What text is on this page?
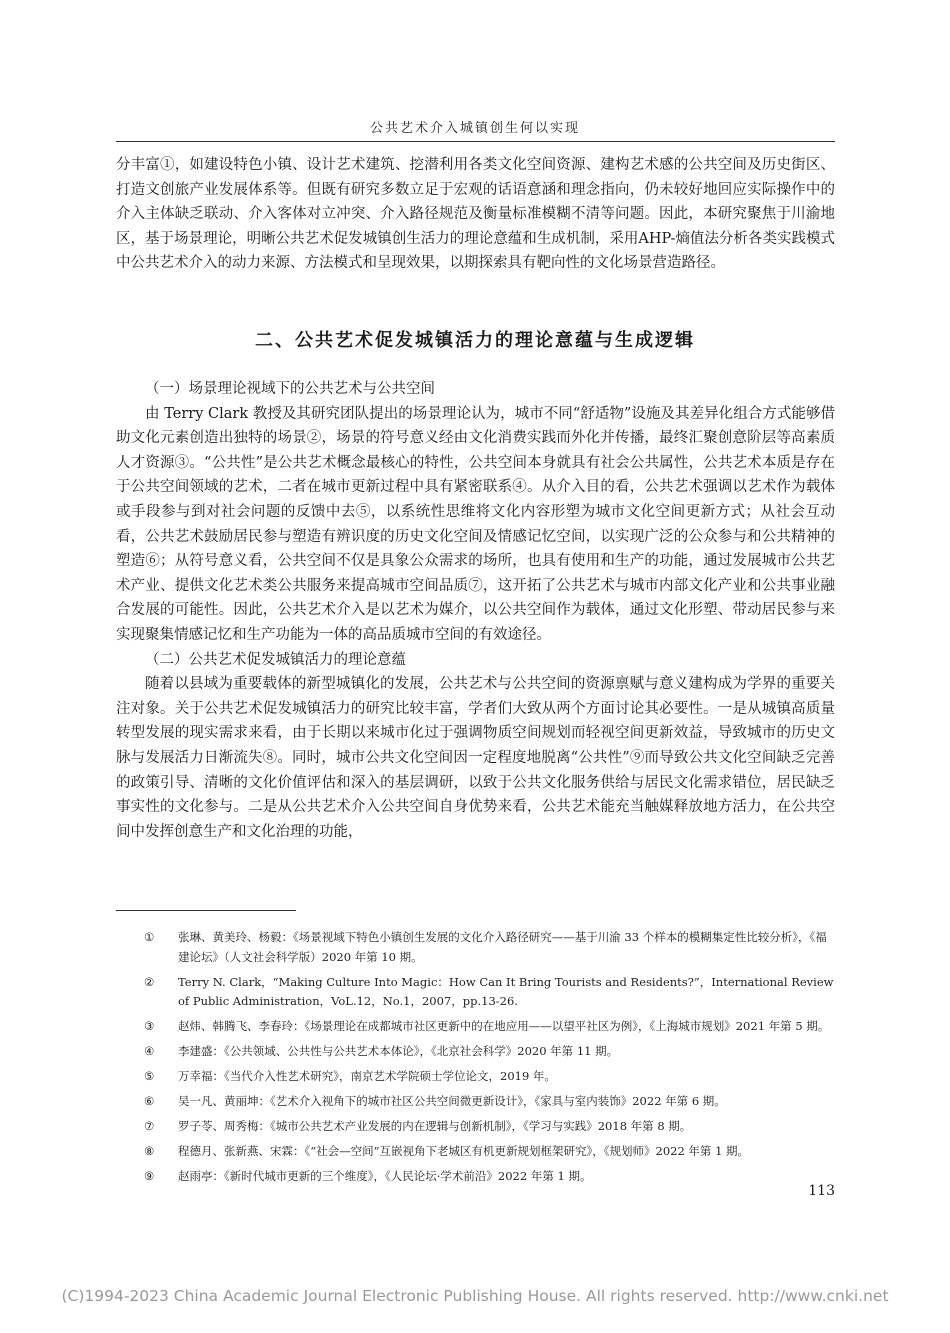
公共艺术介入城镇创生何以实现

分丰富①，如建设特色小镇、设计艺术建筑、挖潜利用各类文化空间资源、建构艺术感的公共空间及历史街区、打造文创旅产业发展体系等。但既有研究多数立足于宏观的话语意涵和理念指向，仍未较好地回应实际操作中的介入主体缺乏联动、介入客体对立冲突、介入路径规范及衡量标准模糊不清等问题。因此，本研究聚焦于川渝地区，基于场景理论，明晰公共艺术促发城镇创生活力的理论意蕴和生成机制，采用AHP-熵值法分析各类实践模式中公共艺术介入的动力来源、方法模式和呈现效果，以期探索具有靶向性的文化场景营造路径。

二、公共艺术促发城镇活力的理论意蕴与生成逻辑

（一）场景理论视域下的公共艺术与公共空间

由 Terry Clark 教授及其研究团队提出的场景理论认为，城市不同“舒适物”设施及其差异化组合方式能够借助文化元素创造出独特的场景②，场景的符号意义经由文化消费实践而外化并传播，最终汇聚创意阶层等高素质人才资源③。“公共性”是公共艺术概念最核心的特性，公共空间本身就具有社会公共属性，公共艺术本质是存在于公共空间领域的艺术，二者在城市更新过程中具有紧密联系④。从介入目的看，公共艺术强调以艺术作为载体或手段参与到对社会问题的反馈中去⑤，以系统性思维将文化内容形塑为城市文化空间更新方式；从社会互动看，公共艺术鼓励居民参与塑造有辨识度的历史文化空间及情感记忆空间，以实现广泛的公众参与和公共精神的塑造⑥；从符号意义看，公共空间不仅是具象公众需求的场所，也具有使用和生产的功能，通过发展城市公共艺术产业、提供文化艺术类公共服务来提高城市空间品质⑦，这开拓了公共艺术与城市内部文化产业和公共事业融合发展的可能性。因此，公共艺术介入是以艺术为媒介，以公共空间作为载体，通过文化形塑、带动居民参与来实现聚集情感记忆和生产功能为一体的高品质城市空间的有效途径。

（二）公共艺术促发城镇活力的理论意蕴

随着以县域为重要载体的新型城镇化的发展，公共艺术与公共空间的资源禀赋与意义建构成为学界的重要关注对象。关于公共艺术促发城镇活力的研究比较丰富，学者们大致从两个方面讨论其必要性。一是从城镇高质量转型发展的现实需求来看，由于长期以来城市化过于强调物质空间规划而轻视空间更新效益，导致城市的历史文脉与发展活力日渐流失⑧。同时，城市公共文化空间因一定程度地脱离“公共性”⑨而导致公共文化空间缺乏完善的政策引导、清晰的文化价值评估和深入的基层调研，以致于公共文化服务供给与居民文化需求错位，居民缺乏事实性的文化参与。二是从公共艺术介入公共空间自身优势来看，公共艺术能充当触媒释放地方活力，在公共空间中发挥创意生产和文化治理的功能，

①	张琳、黄美玲、杨毅：《场景视域下特色小镇创生发展的文化介入路径研究——基于川渝 33 个样本的模糊集定性比较分析》，《福建论坛》（人文社会科学版）2020 年第 10 期。
②	Terry N. Clark，“Making Culture Into Magic：How Can It Bring Tourists and Residents?”，International Review of Public Administration，VoL.12，No.1，2007，pp.13-26.
③	赵炜、韩腾飞、李春玲：《场景理论在成都城市社区更新中的在地应用——以望平社区为例》，《上海城市规划》2021 年第 5 期。
④	李建盛：《公共领域、公共性与公共艺术本体论》，《北京社会科学》2020 年第 11 期。
⑤	万幸福：《当代介入性艺术研究》，南京艺术学院硕士学位论文，2019 年。
⑥	吴一凡、黄丽坤：《艺术介入视角下的城市社区公共空间微更新设计》，《家具与室内装饰》2022 年第 6 期。
⑦	罗子苓、周秀梅：《城市公共艺术产业发展的内在逻辑与创新机制》，《学习与实践》2018 年第 8 期。
⑧	程德月、张新燕、宋霖：《“社会—空间”互嵌视角下老城区有机更新规划框架研究》，《规划师》2022 年第 1 期。
⑨	赵雨亭：《新时代城市更新的三个维度》，《人民论坛·学术前沿》2022 年第 1 期。
113
(C)1994-2023 China Academic Journal Electronic Publishing House. All rights reserved. http://www.cnki.net
